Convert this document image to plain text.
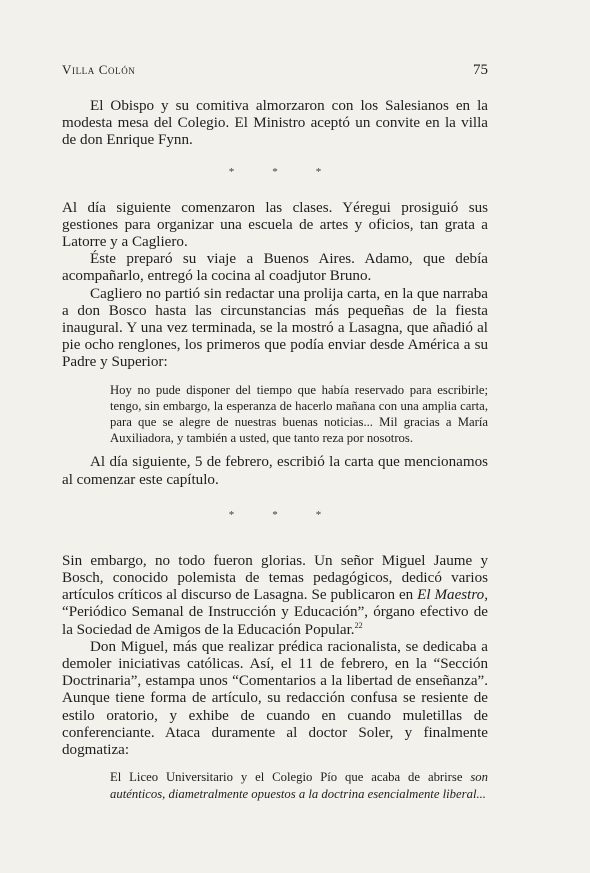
Villa Colón	75

El Obispo y su comitiva almorzaron con los Salesianos en la modesta mesa del Colegio. El Ministro aceptó un convite en la villa de don Enrique Fynn.

*	*	*

Al día siguiente comenzaron las clases. Yéregui prosiguió sus gestiones para organizar una escuela de artes y oficios, tan grata a Latorre y a Cagliero.

Éste preparó su viaje a Buenos Aires. Adamo, que debía acompañarlo, entregó la cocina al coadjutor Bruno.

Cagliero no partió sin redactar una prolija carta, en la que narraba a don Bosco hasta las circunstancias más pequeñas de la fiesta inaugural. Y una vez terminada, se la mostró a Lasagna, que añadió al pie ocho renglones, los primeros que podía enviar desde América a su Padre y Superior:

Hoy no pude disponer del tiempo que había reservado para escribirle; tengo, sin embargo, la esperanza de hacerlo mañana con una amplia carta, para que se alegre de nuestras buenas noticias... Mil gracias a María Auxiliadora, y también a usted, que tanto reza por nosotros.

Al día siguiente, 5 de febrero, escribió la carta que mencionamos al comenzar este capítulo.

*	*	*

Sin embargo, no todo fueron glorias. Un señor Miguel Jaume y Bosch, conocido polemista de temas pedagógicos, dedicó varios artículos críticos al discurso de Lasagna. Se publicaron en El Maestro, “Periódico Semanal de Instrucción y Educación”, órgano efectivo de la Sociedad de Amigos de la Educación Popular.$^{22}$

Don Miguel, más que realizar prédica racionalista, se dedicaba a demoler iniciativas católicas. Así, el 11 de febrero, en la “Sección Doctrinaria”, estampa unos “Comentarios a la libertad de enseñanza”. Aunque tiene forma de artículo, su redacción confusa se resiente de estilo oratorio, y exhibe de cuando en cuando muletillas de conferenciante. Ataca duramente al doctor Soler, y finalmente dogmatiza:

El Liceo Universitario y el Colegio Pío que acaba de abrirse son auténticos, diametralmente opuestos a la doctrina esencialmente liberal...
